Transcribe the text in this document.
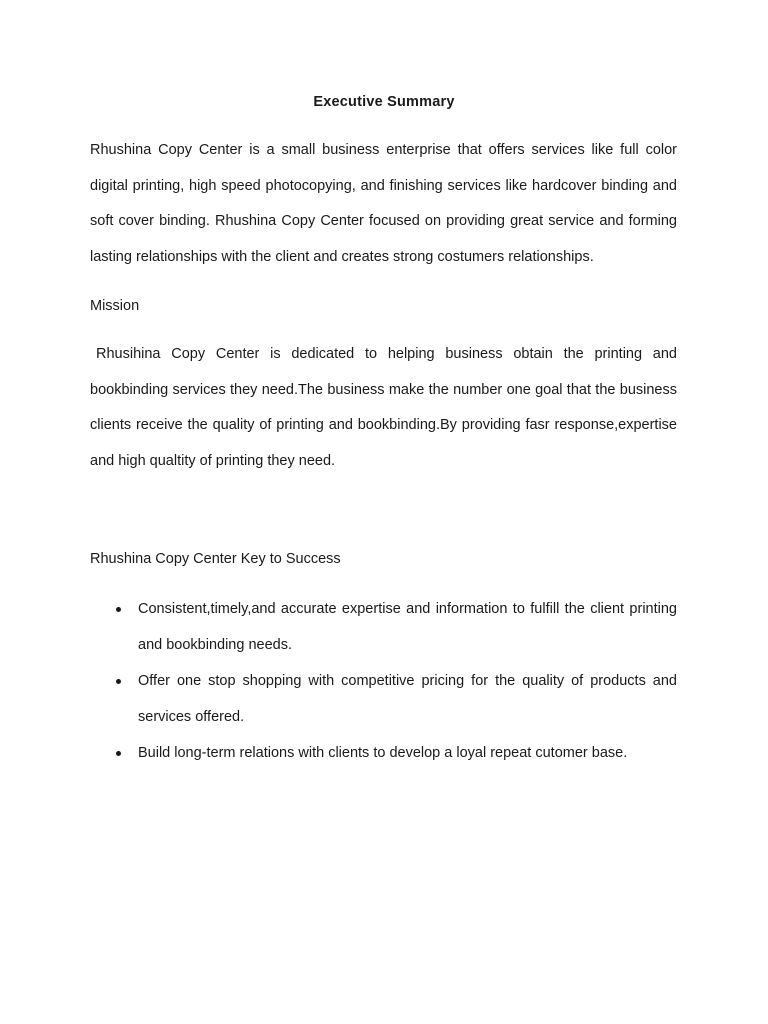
Executive Summary

Rhushina Copy Center is a small business enterprise that offers services like full color digital printing, high speed photocopying, and finishing services like hardcover binding and soft cover binding. Rhushina Copy Center focused on providing great service and forming lasting relationships with the client and creates strong costumers relationships.

Mission

Rhusihina Copy Center is dedicated to helping business obtain the printing and bookbinding services they need.The business make the number one goal that the business clients receive the quality of printing and bookbinding.By providing fasr response,expertise and high qualtity of printing they need.

Rhushina Copy Center Key to Success
Consistent,timely,and accurate expertise and information to fulfill the client printing and bookbinding needs.
Offer one stop shopping with competitive pricing for the quality of products and services offered.
Build long-term relations with clients to develop a loyal repeat cutomer base.
